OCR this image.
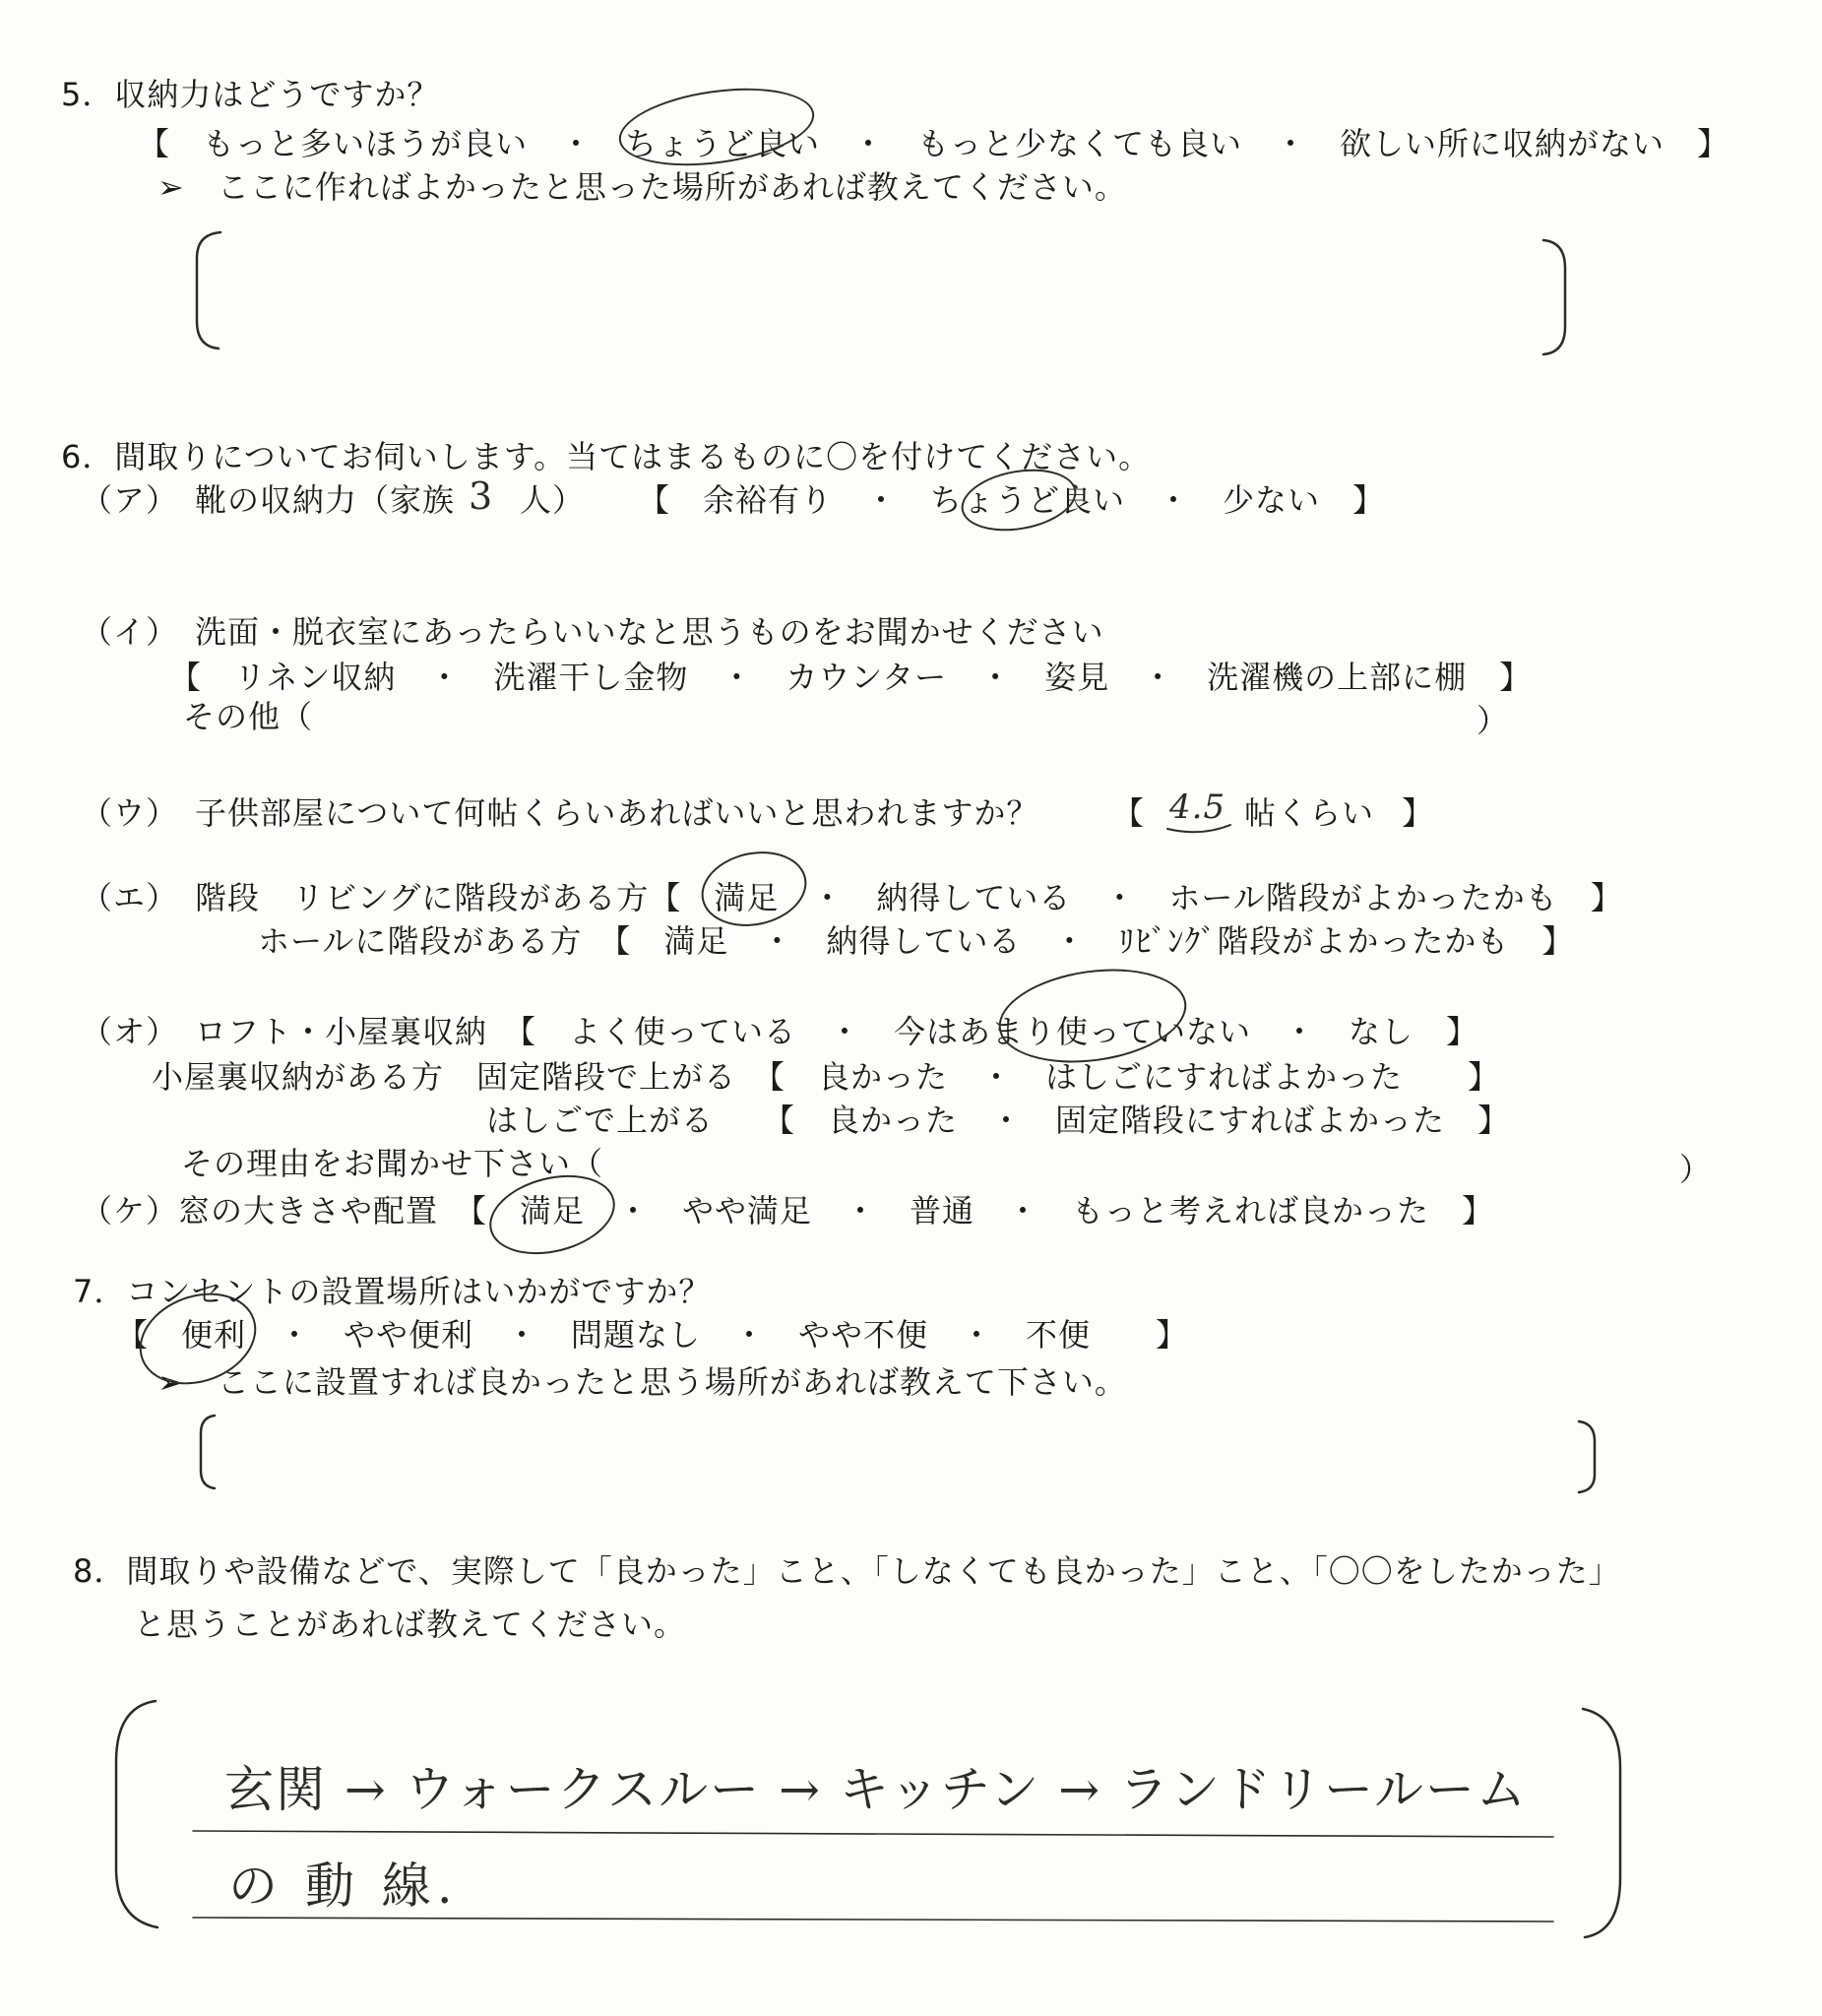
5．収納力はどうですか？
【　もっと多いほうが良い　・　ちょうど良い　・　もっと少なくても良い　・　欲しい所に収納がない　】
➢　ここに作ればよかったと思った場所があれば教えてください。
6．間取りについてお伺いします。当てはまるものに〇を付けてください。
（ア）　靴の収納力（家族 3 人） 【　余裕有り　・　ちょうど良い　・　少ない　】
（イ）　洗面・脱衣室にあったらいいなと思うものをお聞かせください
【　リネン収納　・　洗濯干し金物　・　カウンター　・　姿見　・　洗濯機の上部に棚　】
その他（	）
（ウ）　子供部屋について何帖くらいあればいいと思われますか？ 【 4.5 帖くらい 】
（エ）　階段　リビングに階段がある方【　満足　・　納得している　・　ホール階段がよかったかも　】
ホールに階段がある方　【　満足　・　納得している　・　ﾘﾋﾞﾝｸﾞ階段がよかったかも　】
（オ）　ロフト・小屋裏収納　【　よく使っている　・　今はあまり使っていない　・　なし　】
小屋裏収納がある方　固定階段で上がる　【　良かった　・　はしごにすればよかった　　】
はしごで上がる　　【　良かった　・　固定階段にすればよかった　】
その理由をお聞かせ下さい（	）
（ケ）窓の大きさや配置　【　満足　・　やや満足　・　普通　・　もっと考えれば良かった　】
7．コンセントの設置場所はいかがですか？
【　便利　・　やや便利　・　問題なし　・　やや不便　・　不便　　】
➢　ここに設置すれば良かったと思う場所があれば教えて下さい。
8．間取りや設備などで、実際して「良かった」こと、「しなくても良かった」こと、「〇〇をしたかった」
と思うことがあれば教えてください。
玄関 → ウォークスルー → キッチン → ランドリールーム
の 動 線.
